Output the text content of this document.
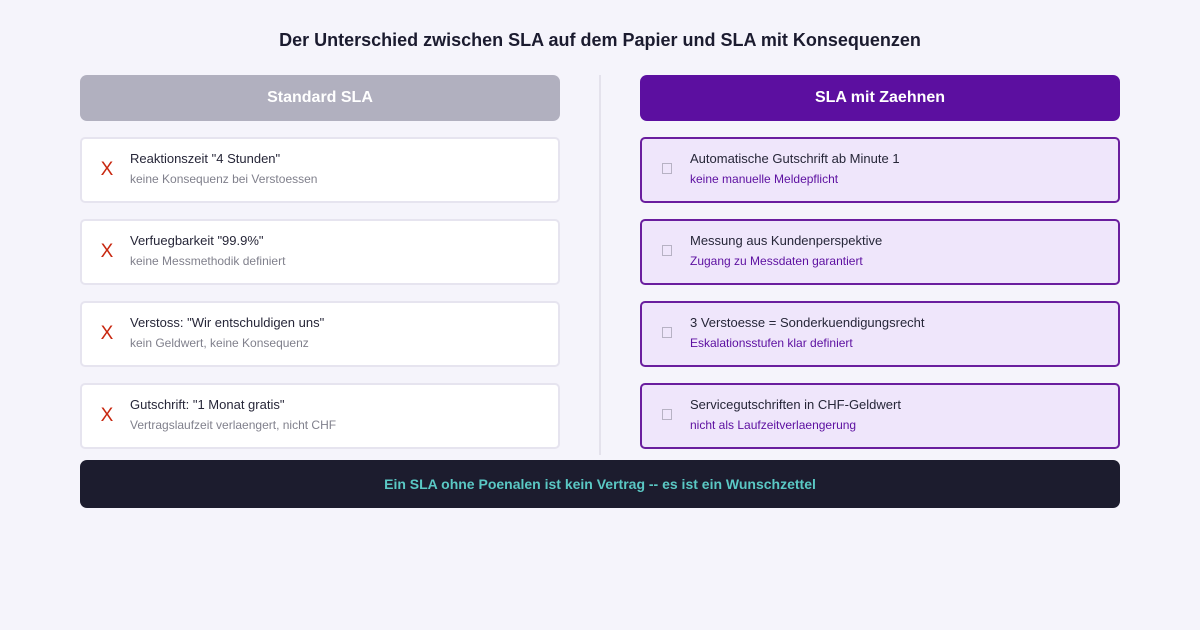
Der Unterschied zwischen SLA auf dem Papier und SLA mit Konsequenzen
Standard SLA
X
Reaktionszeit "4 Stunden"
keine Konsequenz bei Verstoessen
X
Verfuegbarkeit "99.9%"
keine Messmethodik definiert
X
Verstoss: "Wir entschuldigen uns"
kein Geldwert, keine Konsequenz
X
Gutschrift: "1 Monat gratis"
Vertragslaufzeit verlaengert, nicht CHF
SLA mit Zaehnen
Automatische Gutschrift ab Minute 1
keine manuelle Meldepflicht
Messung aus Kundenperspektive
Zugang zu Messdaten garantiert
3 Verstoesse = Sonderkuendigungsrecht
Eskalationsstufen klar definiert
Servicegutschriften in CHF-Geldwert
nicht als Laufzeitverlaengerung
Ein SLA ohne Poenalen ist kein Vertrag -- es ist ein Wunschzettel
